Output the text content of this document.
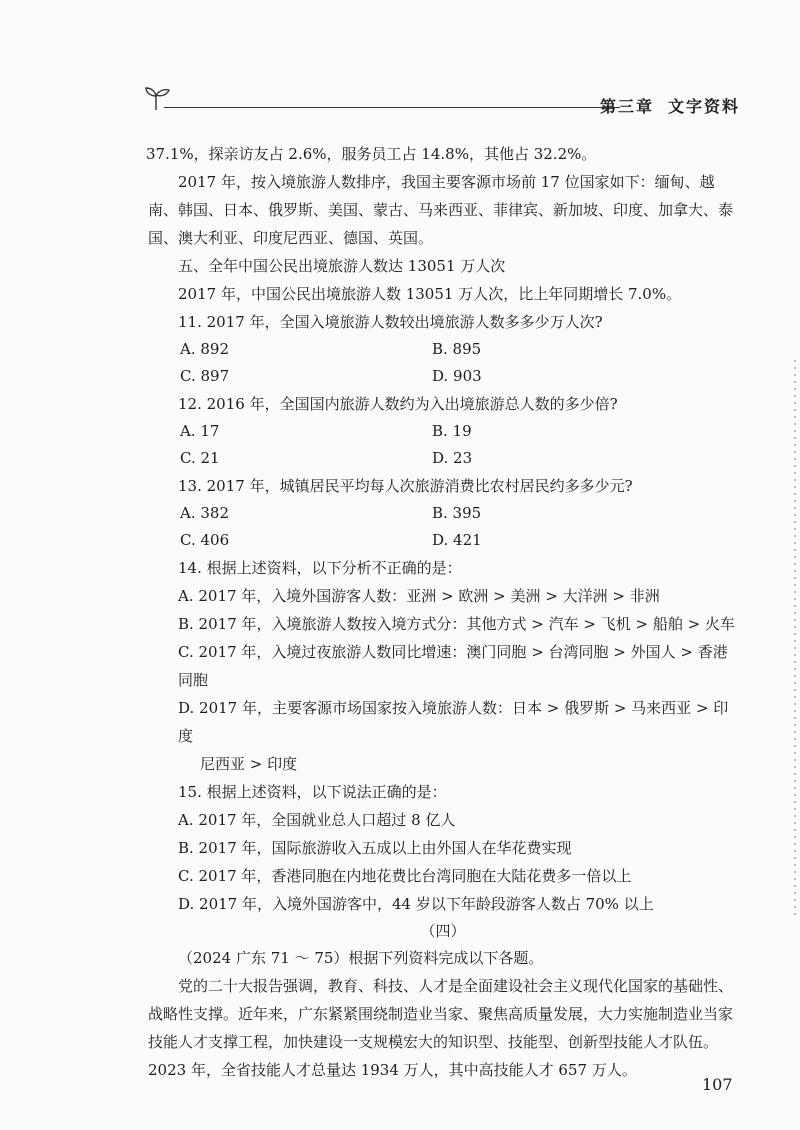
第三章 文字资料

37.1%，探亲访友占 2.6%，服务员工占 14.8%，其他占 32.2%。

2017 年，按入境旅游人数排序，我国主要客源市场前 17 位国家如下：缅甸、越南、韩国、日本、俄罗斯、美国、蒙古、马来西亚、菲律宾、新加坡、印度、加拿大、泰国、澳大利亚、印度尼西亚、德国、英国。

五、全年中国公民出境旅游人数达 13051 万人次

2017 年，中国公民出境旅游人数 13051 万人次，比上年同期增长 7.0%。

11. 2017 年，全国入境旅游人数较出境旅游人数多多少万人次?

A. 892	B. 895
C. 897	D. 903

12. 2016 年，全国国内旅游人数约为入出境旅游总人数的多少倍?

A. 17	B. 19
C. 21	D. 23

13. 2017 年，城镇居民平均每人次旅游消费比农村居民约多多少元?

A. 382	B. 395
C. 406	D. 421

14. 根据上述资料，以下分析不正确的是：

A. 2017 年，入境外国游客人数：亚洲 > 欧洲 > 美洲 > 大洋洲 > 非洲

B. 2017 年，入境旅游人数按入境方式分：其他方式 > 汽车 > 飞机 > 船舶 > 火车

C. 2017 年，入境过夜旅游人数同比增速：澳门同胞 > 台湾同胞 > 外国人 > 香港同胞

D. 2017 年，主要客源市场国家按入境旅游人数：日本 > 俄罗斯 > 马来西亚 > 印度

尼西亚 > 印度

15. 根据上述资料，以下说法正确的是：

A. 2017 年，全国就业总人口超过 8 亿人

B. 2017 年，国际旅游收入五成以上由外国人在华花费实现

C. 2017 年，香港同胞在内地花费比台湾同胞在大陆花费多一倍以上

D. 2017 年，入境外国游客中，44 岁以下年龄段游客人数占 70% 以上

（四）

（2024 广东 71 ～ 75）根据下列资料完成以下各题。

党的二十大报告强调，教育、科技、人才是全面建设社会主义现代化国家的基础性、战略性支撑。近年来，广东紧紧围绕制造业当家、聚焦高质量发展，大力实施制造业当家技能人才支撑工程，加快建设一支规模宏大的知识型、技能型、创新型技能人才队伍。2023 年，全省技能人才总量达 1934 万人，其中高技能人才 657 万人。

107
